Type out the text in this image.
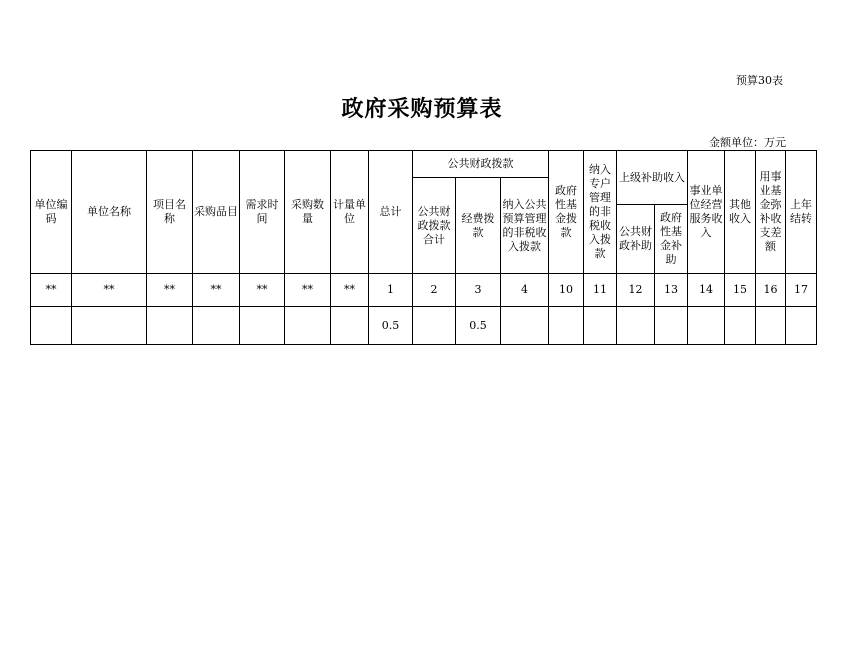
预算30表
政府采购预算表
金额单位：万元
单位编码	单位名称	项目名称	采购品目	需求时间	采购数量	计量单位	总计	公共财政拨款			政府性基金拨款	纳入专户管理的非税收入拨款	上级补助收入		事业单位经营服务收入	其他收入	用事业基金弥补收支差额	上年结转
								公共财政拨款合计	经费拨款	纳入公共预算管理的非税收入拨款								
													公共财政补助	政府性基金补助				
**	**	**	**	**	**	**	1	2	3	4	10	11	12	13	14	15	16	17
							0.5		0.5									
